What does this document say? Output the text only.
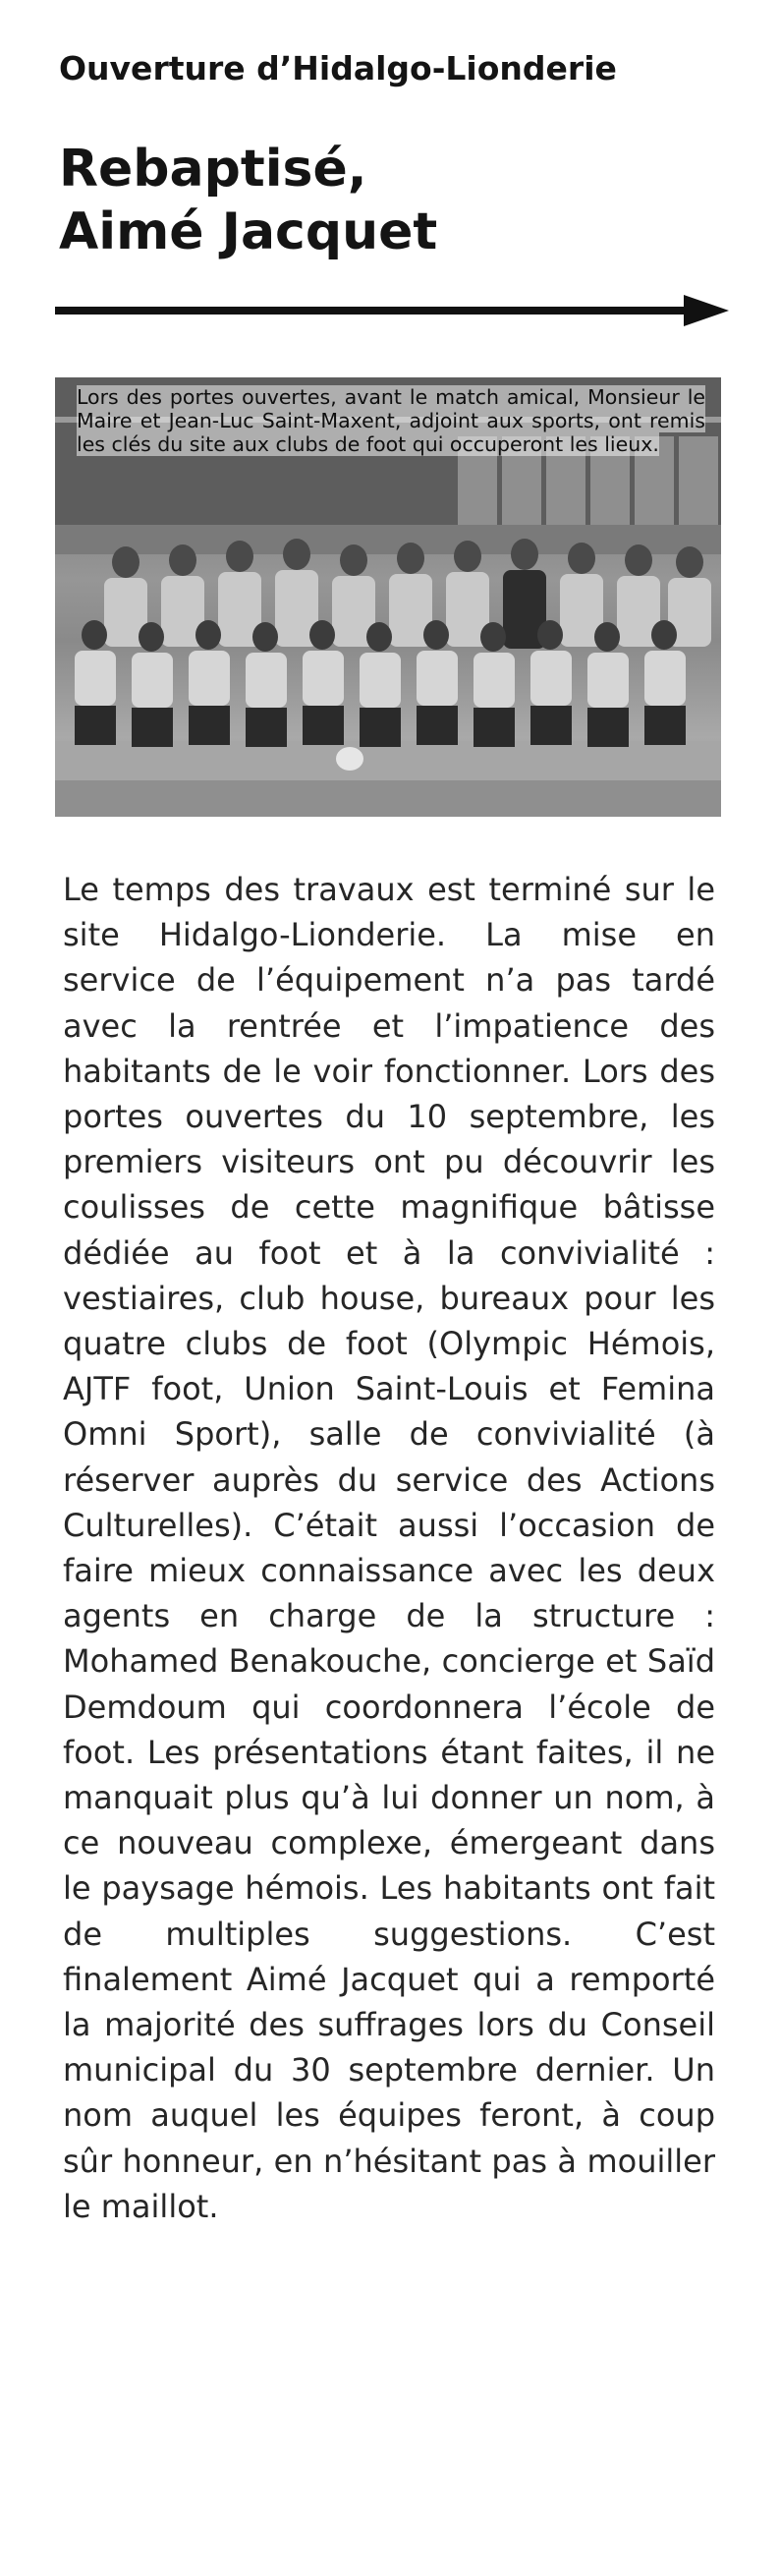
Ouverture d’Hidalgo-Lionderie
Rebaptisé,
Aimé Jacquet
Lors des portes ouvertes, avant le match amical, Monsieur le Maire et Jean-Luc Saint-Maxent, adjoint aux sports, ont remis les clés du site aux clubs de foot qui occuperont les lieux.
Le temps des travaux est terminé sur le site Hidalgo-Lionderie. La mise en service de l’équipement n’a pas tardé avec la rentrée et l’impatience des habitants de le voir fonctionner. Lors des portes ouvertes du 10 septembre, les premiers visiteurs ont pu découvrir les coulisses de cette magnifique bâtisse dédiée au foot et à la convivialité : vestiaires, club house, bureaux pour les quatre clubs de foot (Olympic Hémois, AJTF foot, Union Saint-Louis et Femina Omni Sport), salle de convivialité (à réserver auprès du service des Actions Culturelles). C’était aussi l’occasion de faire mieux connaissance avec les deux agents en charge de la structure : Mohamed Benakouche, concierge et Saïd Demdoum qui coordonnera l’école de foot. Les présentations étant faites, il ne manquait plus qu’à lui donner un nom, à ce nouveau complexe, émergeant dans le paysage hémois. Les habitants ont fait de multiples suggestions. C’est finalement Aimé Jacquet qui a remporté la majorité des suffrages lors du Conseil municipal du 30 septembre dernier. Un nom auquel les équipes feront, à coup sûr honneur, en n’hésitant pas à mouiller le maillot.
